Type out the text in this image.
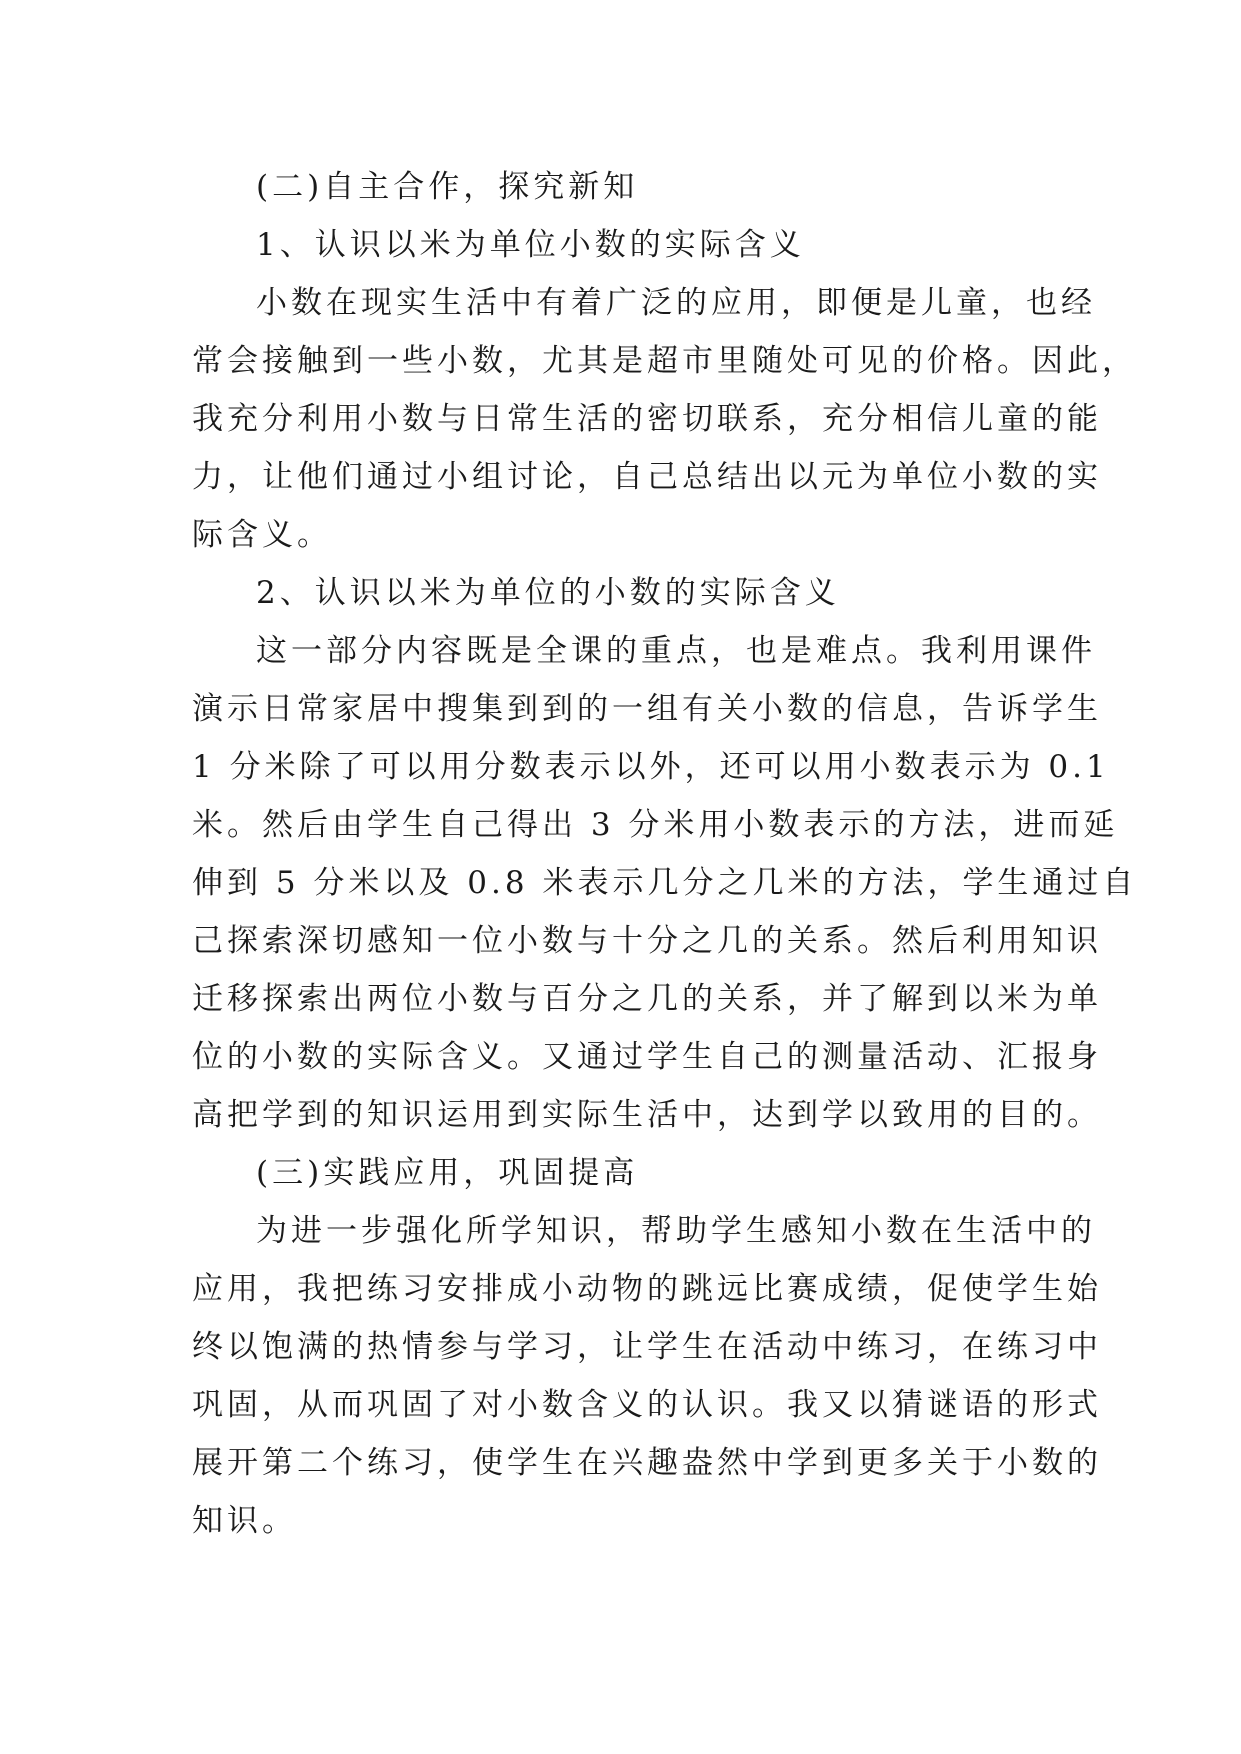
(二)自主合作，探究新知
1、认识以米为单位小数的实际含义
小数在现实生活中有着广泛的应用，即便是儿童，也经
常会接触到一些小数，尤其是超市里随处可见的价格。因此，
我充分利用小数与日常生活的密切联系，充分相信儿童的能
力，让他们通过小组讨论，自己总结出以元为单位小数的实
际含义。
2、认识以米为单位的小数的实际含义
这一部分内容既是全课的重点，也是难点。我利用课件
演示日常家居中搜集到到的一组有关小数的信息，告诉学生
1 分米除了可以用分数表示以外，还可以用小数表示为 0.1
米。然后由学生自己得出 3 分米用小数表示的方法，进而延
伸到 5 分米以及 0.8 米表示几分之几米的方法，学生通过自
己探索深切感知一位小数与十分之几的关系。然后利用知识
迁移探索出两位小数与百分之几的关系，并了解到以米为单
位的小数的实际含义。又通过学生自己的测量活动、汇报身
高把学到的知识运用到实际生活中，达到学以致用的目的。
(三)实践应用，巩固提高
为进一步强化所学知识，帮助学生感知小数在生活中的
应用，我把练习安排成小动物的跳远比赛成绩，促使学生始
终以饱满的热情参与学习，让学生在活动中练习，在练习中
巩固，从而巩固了对小数含义的认识。我又以猜谜语的形式
展开第二个练习，使学生在兴趣盎然中学到更多关于小数的
知识。
